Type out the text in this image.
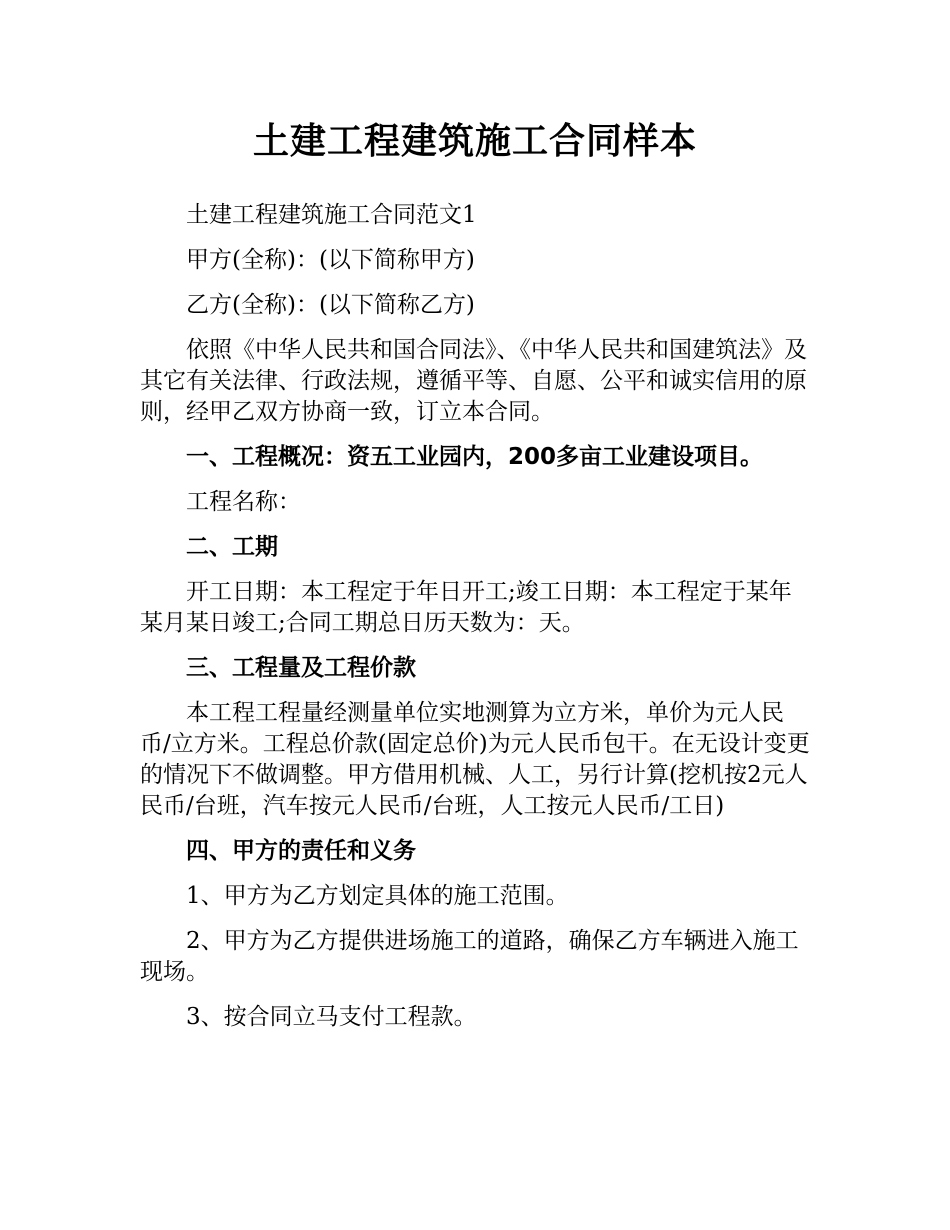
土建工程建筑施工合同样本

土建工程建筑施工合同范文1

甲方(全称)：(以下简称甲方)

乙方(全称)：(以下简称乙方)

依照《中华人民共和国合同法》、《中华人民共和国建筑法》及其它有关法律、行政法规，遵循平等、自愿、公平和诚实信用的原则，经甲乙双方协商一致，订立本合同。

一、工程概况：资五工业园内，200多亩工业建设项目。

工程名称：

二、工期

开工日期：本工程定于年日开工;竣工日期：本工程定于某年某月某日竣工;合同工期总日历天数为：天。

三、工程量及工程价款

本工程工程量经测量单位实地测算为立方米，单价为元人民币/立方米。工程总价款(固定总价)为元人民币包干。在无设计变更的情况下不做调整。甲方借用机械、人工，另行计算(挖机按2元人民币/台班，汽车按元人民币/台班，人工按元人民币/工日)

四、甲方的责任和义务

1、甲方为乙方划定具体的施工范围。

2、甲方为乙方提供进场施工的道路，确保乙方车辆进入施工现场。

3、按合同立马支付工程款。
